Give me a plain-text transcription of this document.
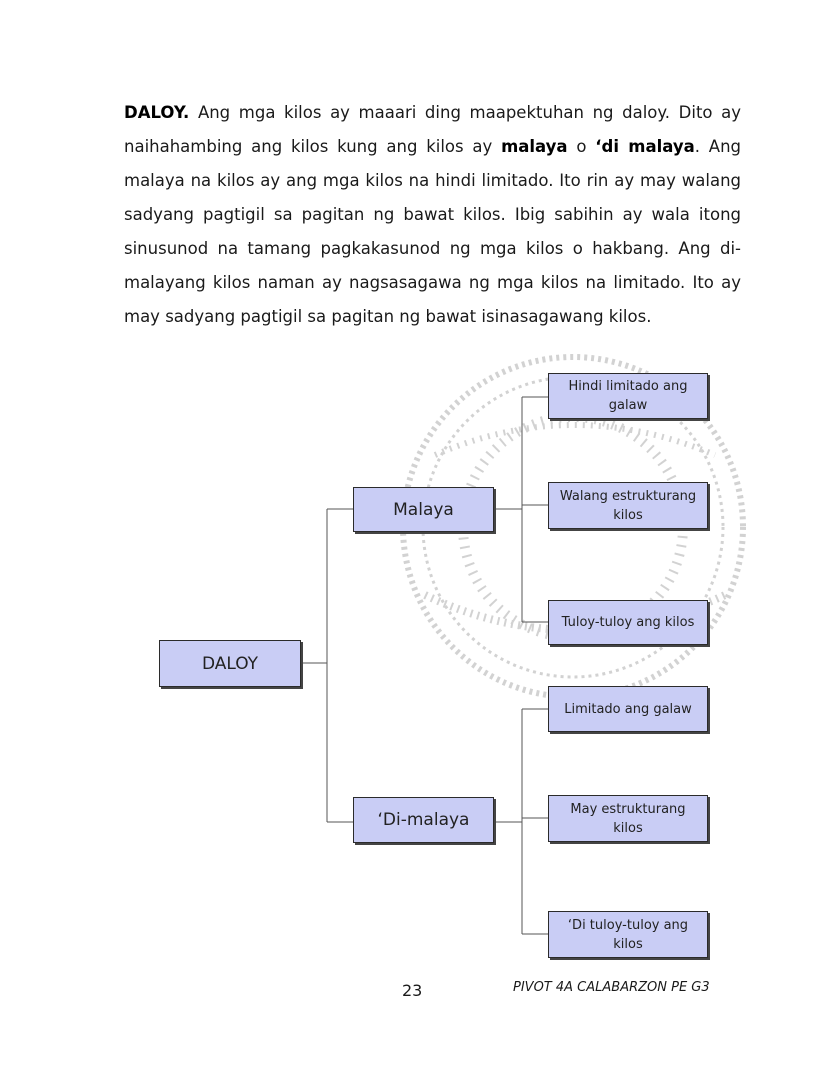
DALOY. Ang mga kilos ay maaari ding maapektuhan ng daloy. Dito ay naihahambing ang kilos kung ang kilos ay malaya o ‘di malaya. Ang malaya na kilos ay ang mga kilos na hindi limitado. Ito rin ay may walang sadyang pagtigil sa pagitan ng bawat kilos. Ibig sabihin ay wala itong sinusunod na tamang pagkakasunod ng mga kilos o hakbang. Ang di-malayang kilos naman ay nagsasagawa ng mga kilos na limitado. Ito ay may sadyang pagtigil sa pagitan ng bawat isinasagawang kilos.

DALOY
Malaya
‘Di-malaya
Hindi limitado ang galaw
Walang estrukturang kilos
Tuloy-tuloy ang kilos
Limitado ang galaw
May estrukturang kilos
‘Di tuloy-tuloy ang kilos
23	PIVOT 4A CALABARZON PE G3
